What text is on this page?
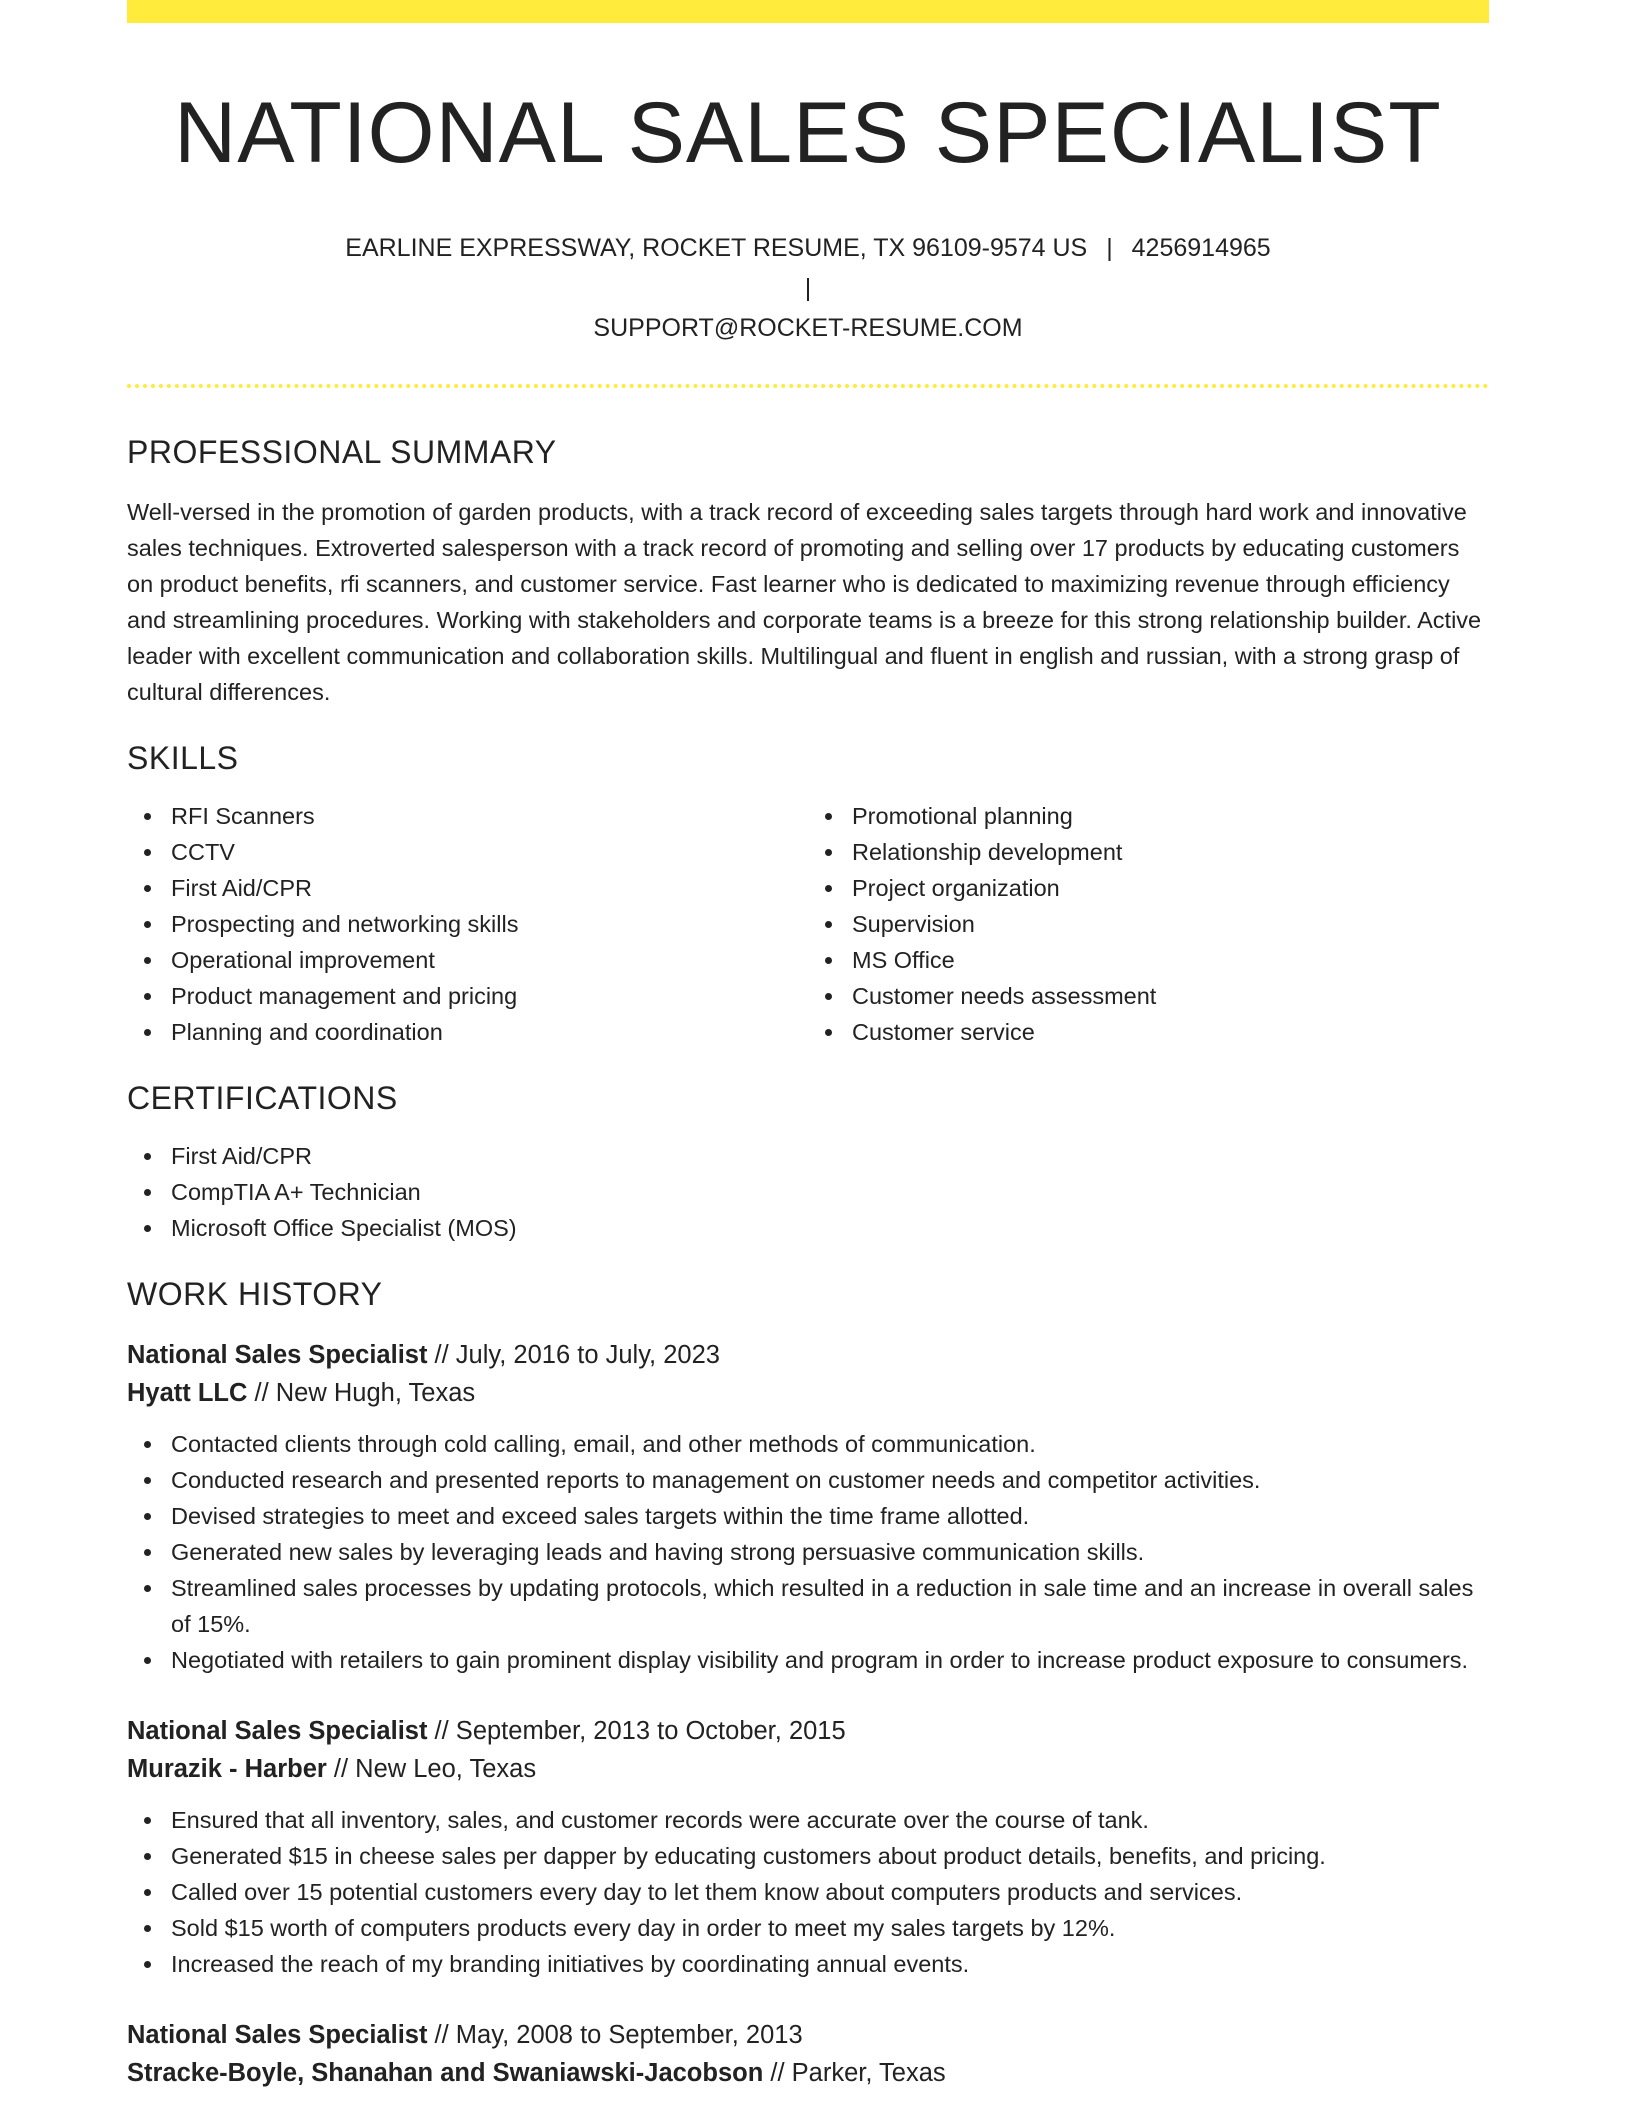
NATIONAL SALES SPECIALIST
EARLINE EXPRESSWAY, ROCKET RESUME, TX 96109-9574 US | 4256914965 |
SUPPORT@ROCKET-RESUME.COM
PROFESSIONAL SUMMARY

Well-versed in the promotion of garden products, with a track record of exceeding sales targets through hard work and innovative sales techniques. Extroverted salesperson with a track record of promoting and selling over 17 products by educating customers on product benefits, rfi scanners, and customer service. Fast learner who is dedicated to maximizing revenue through efficiency and streamlining procedures. Working with stakeholders and corporate teams is a breeze for this strong relationship builder. Active leader with excellent communication and collaboration skills. Multilingual and fluent in english and russian, with a strong grasp of cultural differences.

SKILLS
RFI Scanners
CCTV
First Aid/CPR
Prospecting and networking skills
Operational improvement
Product management and pricing
Planning and coordination
Promotional planning
Relationship development
Project organization
Supervision
MS Office
Customer needs assessment
Customer service
CERTIFICATIONS
First Aid/CPR
CompTIA A+ Technician
Microsoft Office Specialist (MOS)
WORK HISTORY
National Sales Specialist // July, 2016 to July, 2023
Hyatt LLC // New Hugh, Texas
Contacted clients through cold calling, email, and other methods of communication.
Conducted research and presented reports to management on customer needs and competitor activities.
Devised strategies to meet and exceed sales targets within the time frame allotted.
Generated new sales by leveraging leads and having strong persuasive communication skills.
Streamlined sales processes by updating protocols, which resulted in a reduction in sale time and an increase in overall sales of 15%.
Negotiated with retailers to gain prominent display visibility and program in order to increase product exposure to consumers.
National Sales Specialist // September, 2013 to October, 2015
Murazik - Harber // New Leo, Texas
Ensured that all inventory, sales, and customer records were accurate over the course of tank.
Generated $15 in cheese sales per dapper by educating customers about product details, benefits, and pricing.
Called over 15 potential customers every day to let them know about computers products and services.
Sold $15 worth of computers products every day in order to meet my sales targets by 12%.
Increased the reach of my branding initiatives by coordinating annual events.
National Sales Specialist // May, 2008 to September, 2013
Stracke-Boyle, Shanahan and Swaniawski-Jacobson // Parker, Texas
